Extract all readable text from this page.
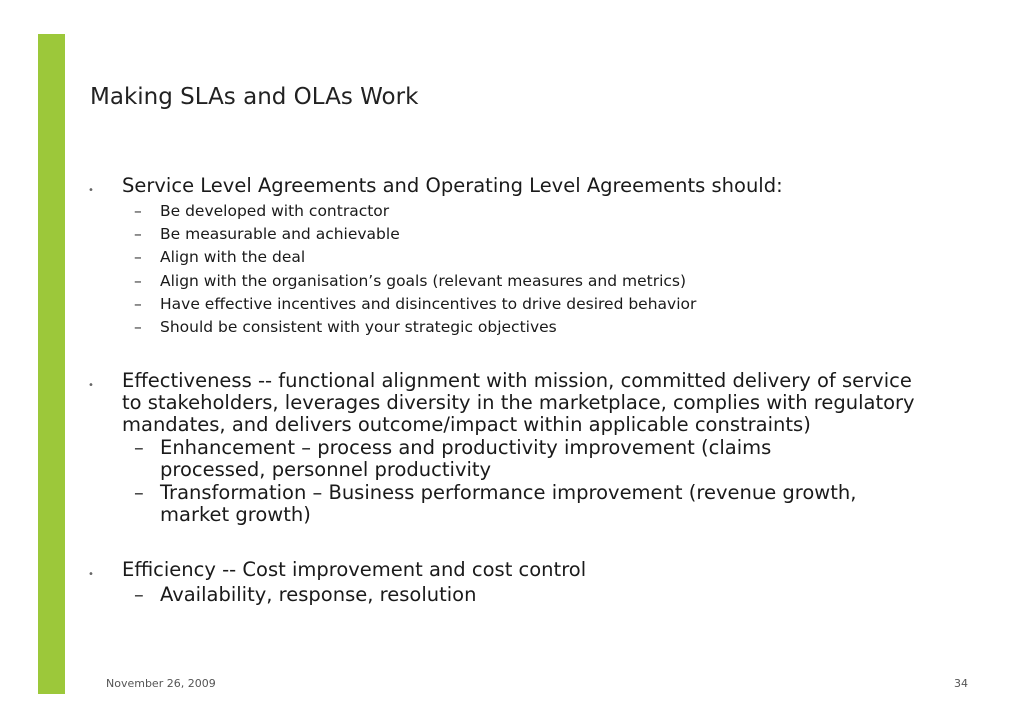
Making SLAs and OLAs Work
• Service Level Agreements and Operating Level Agreements should:
– Be developed with contractor
– Be measurable and achievable
– Align with the deal
– Align with the organisation’s goals (relevant measures and metrics)
– Have effective incentives and disincentives to drive desired behavior
– Should be consistent with your strategic objectives
• Effectiveness -- functional alignment with mission, committed delivery of service to stakeholders, leverages diversity in the marketplace, complies with regulatory mandates, and delivers outcome/impact within applicable constraints)
– Enhancement – process and productivity improvement (claims processed, personnel productivity
– Transformation – Business performance improvement (revenue growth, market growth)
• Efficiency -- Cost improvement and cost control
– Availability, response, resolution
November 26, 2009	34
